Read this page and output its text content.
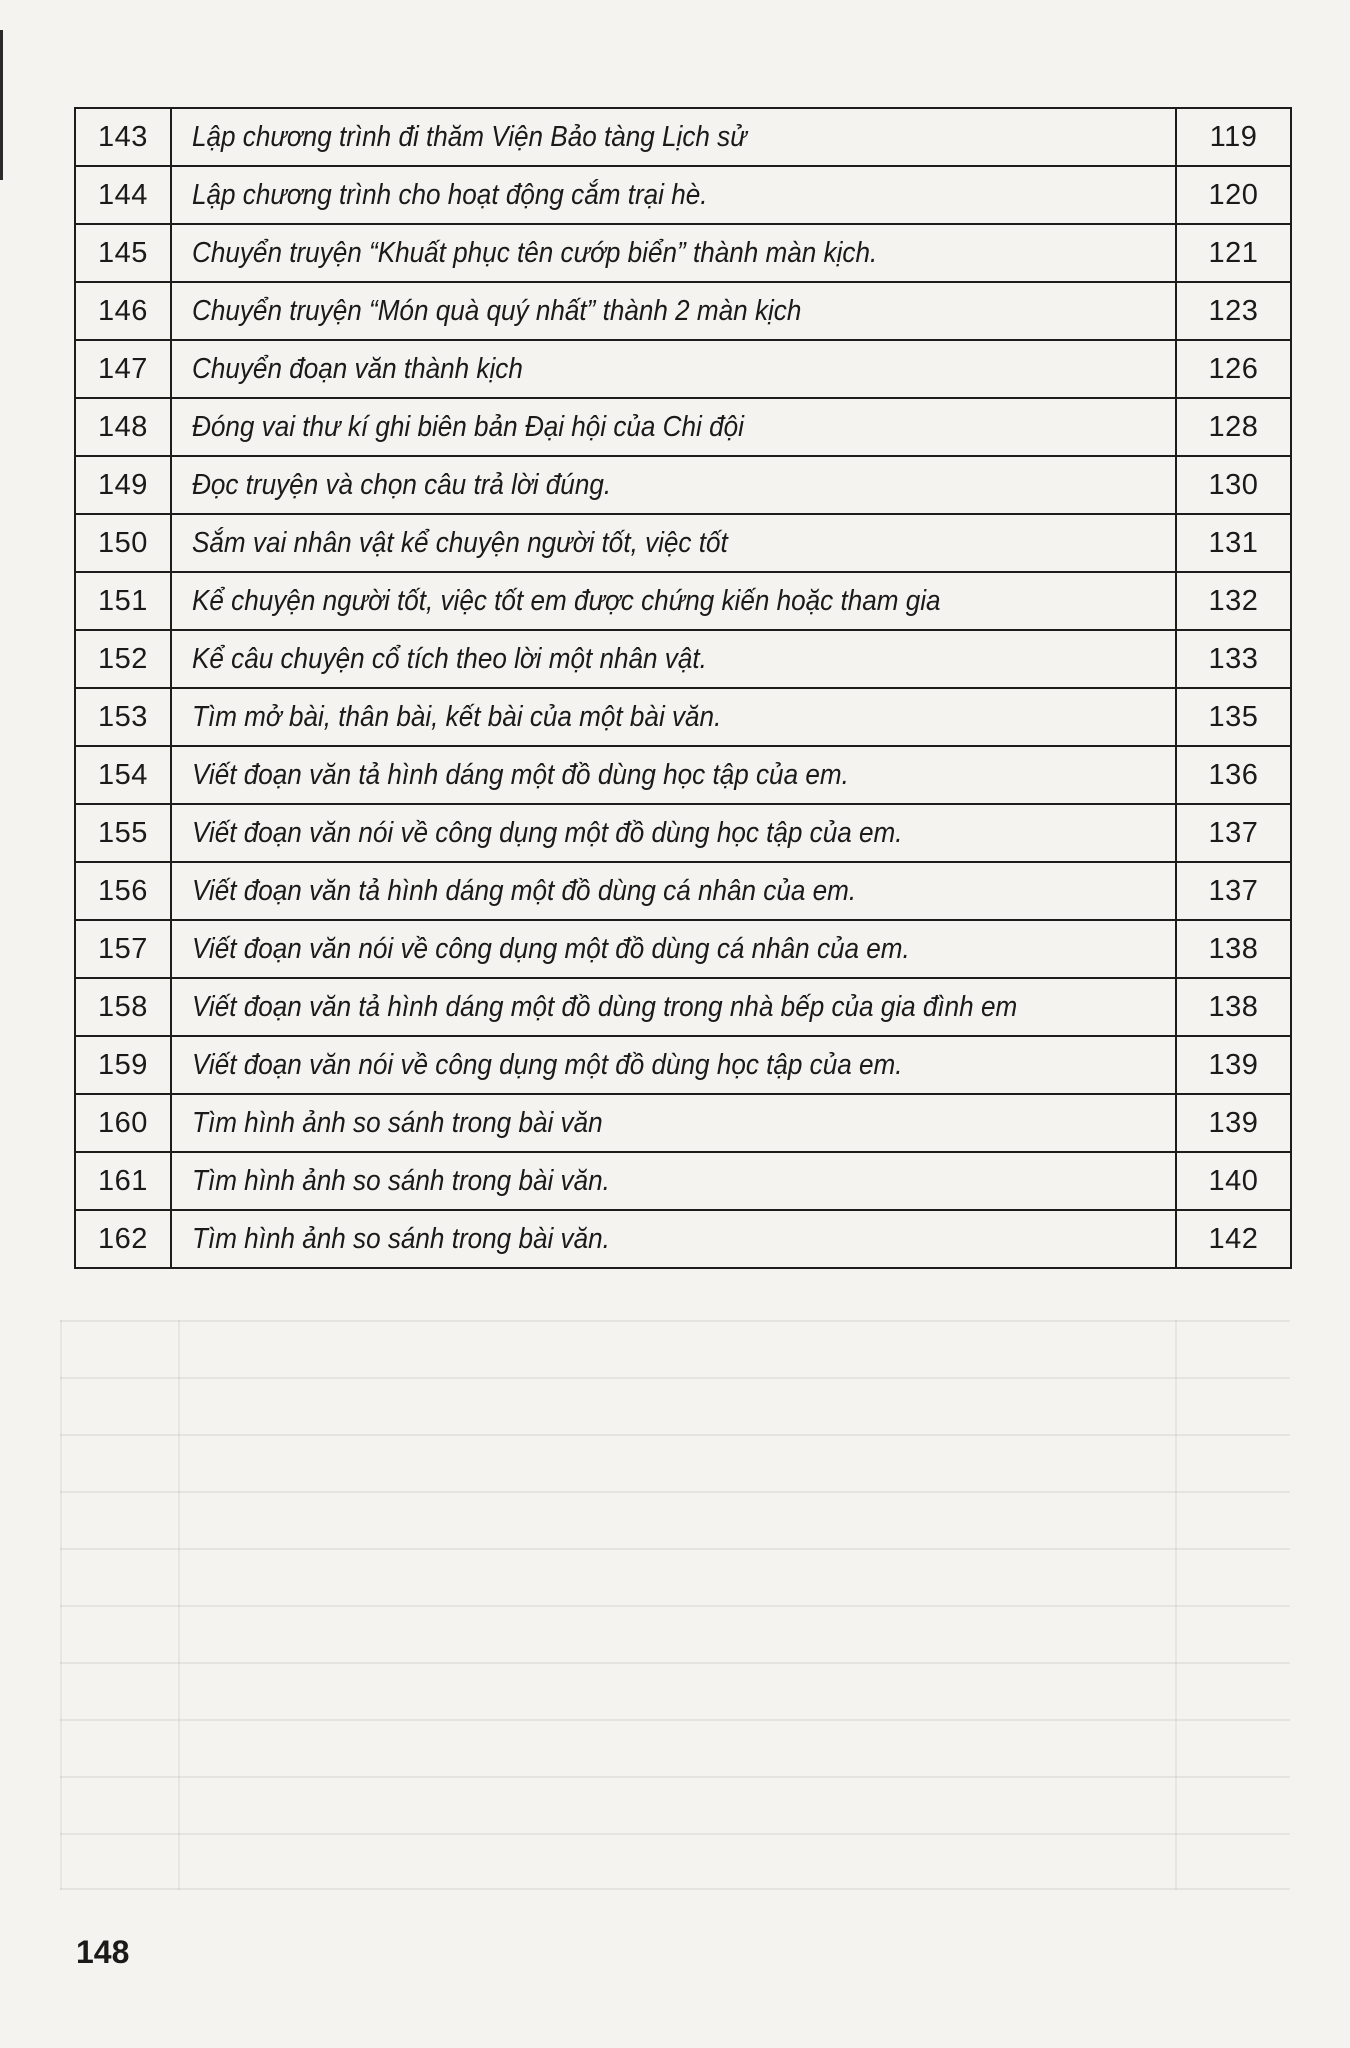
143	Lập chương trình đi thăm Viện Bảo tàng Lịch sử	119
144	Lập chương trình cho hoạt động cắm trại hè.	120
145	Chuyển truyện “Khuất phục tên cướp biển” thành màn kịch.	121
146	Chuyển truyện “Món quà quý nhất” thành 2 màn kịch	123
147	Chuyển đoạn văn thành kịch	126
148	Đóng vai thư kí ghi biên bản Đại hội của Chi đội	128
149	Đọc truyện và chọn câu trả lời đúng.	130
150	Sắm vai nhân vật kể chuyện người tốt, việc tốt	131
151	Kể chuyện người tốt, việc tốt em được chứng kiến hoặc tham gia	132
152	Kể câu chuyện cổ tích theo lời một nhân vật.	133
153	Tìm mở bài, thân bài, kết bài của một bài văn.	135
154	Viết đoạn văn tả hình dáng một đồ dùng học tập của em.	136
155	Viết đoạn văn nói về công dụng một đồ dùng học tập của em.	137
156	Viết đoạn văn tả hình dáng một đồ dùng cá nhân của em.	137
157	Viết đoạn văn nói về công dụng một đồ dùng cá nhân của em.	138
158	Viết đoạn văn tả hình dáng một đồ dùng trong nhà bếp của gia đình em	138
159	Viết đoạn văn nói về công dụng một đồ dùng học tập của em.	139
160	Tìm hình ảnh so sánh trong bài văn	139
161	Tìm hình ảnh so sánh trong bài văn.	140
162	Tìm hình ảnh so sánh trong bài văn.	142
148
